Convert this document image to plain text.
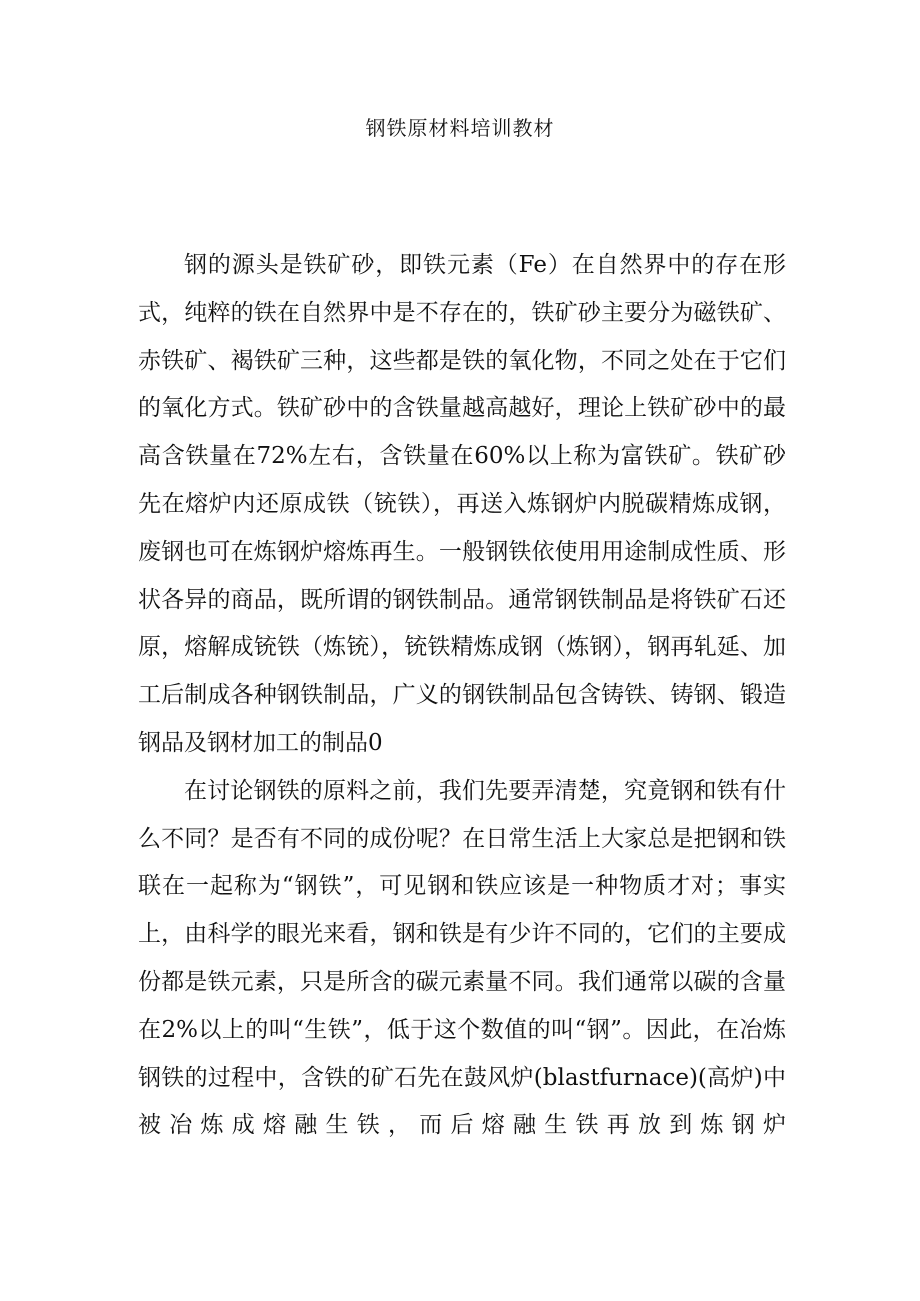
钢铁原材料培训教材

钢的源头是铁矿砂，即铁元素（Fe）在自然界中的存在形式，纯粹的铁在自然界中是不存在的，铁矿砂主要分为磁铁矿、赤铁矿、褐铁矿三种，这些都是铁的氧化物，不同之处在于它们的氧化方式。铁矿砂中的含铁量越高越好，理论上铁矿砂中的最高含铁量在72%左右，含铁量在60%以上称为富铁矿。铁矿砂先在熔炉内还原成铁（铳铁），再送入炼钢炉内脱碳精炼成钢，废钢也可在炼钢炉熔炼再生。一般钢铁依使用用途制成性质、形状各异的商品，既所谓的钢铁制品。通常钢铁制品是将铁矿石还原，熔解成铳铁（炼铳），铳铁精炼成钢（炼钢），钢再轧延、加工后制成各种钢铁制品，广义的钢铁制品包含铸铁、铸钢、锻造钢品及钢材加工的制品0

在讨论钢铁的原料之前，我们先要弄清楚，究竟钢和铁有什么不同？是否有不同的成份呢？在日常生活上大家总是把钢和铁联在一起称为“钢铁”，可见钢和铁应该是一种物质才对；事实上，由科学的眼光来看，钢和铁是有少许不同的，它们的主要成份都是铁元素，只是所含的碳元素量不同。我们通常以碳的含量在2%以上的叫“生铁”，低于这个数值的叫“钢”。因此，在冶炼钢铁的过程中，含铁的矿石先在鼓风炉(blastfurnace)(高炉)中被冶炼成熔融生铁，而后熔融生铁再放到炼钢炉
